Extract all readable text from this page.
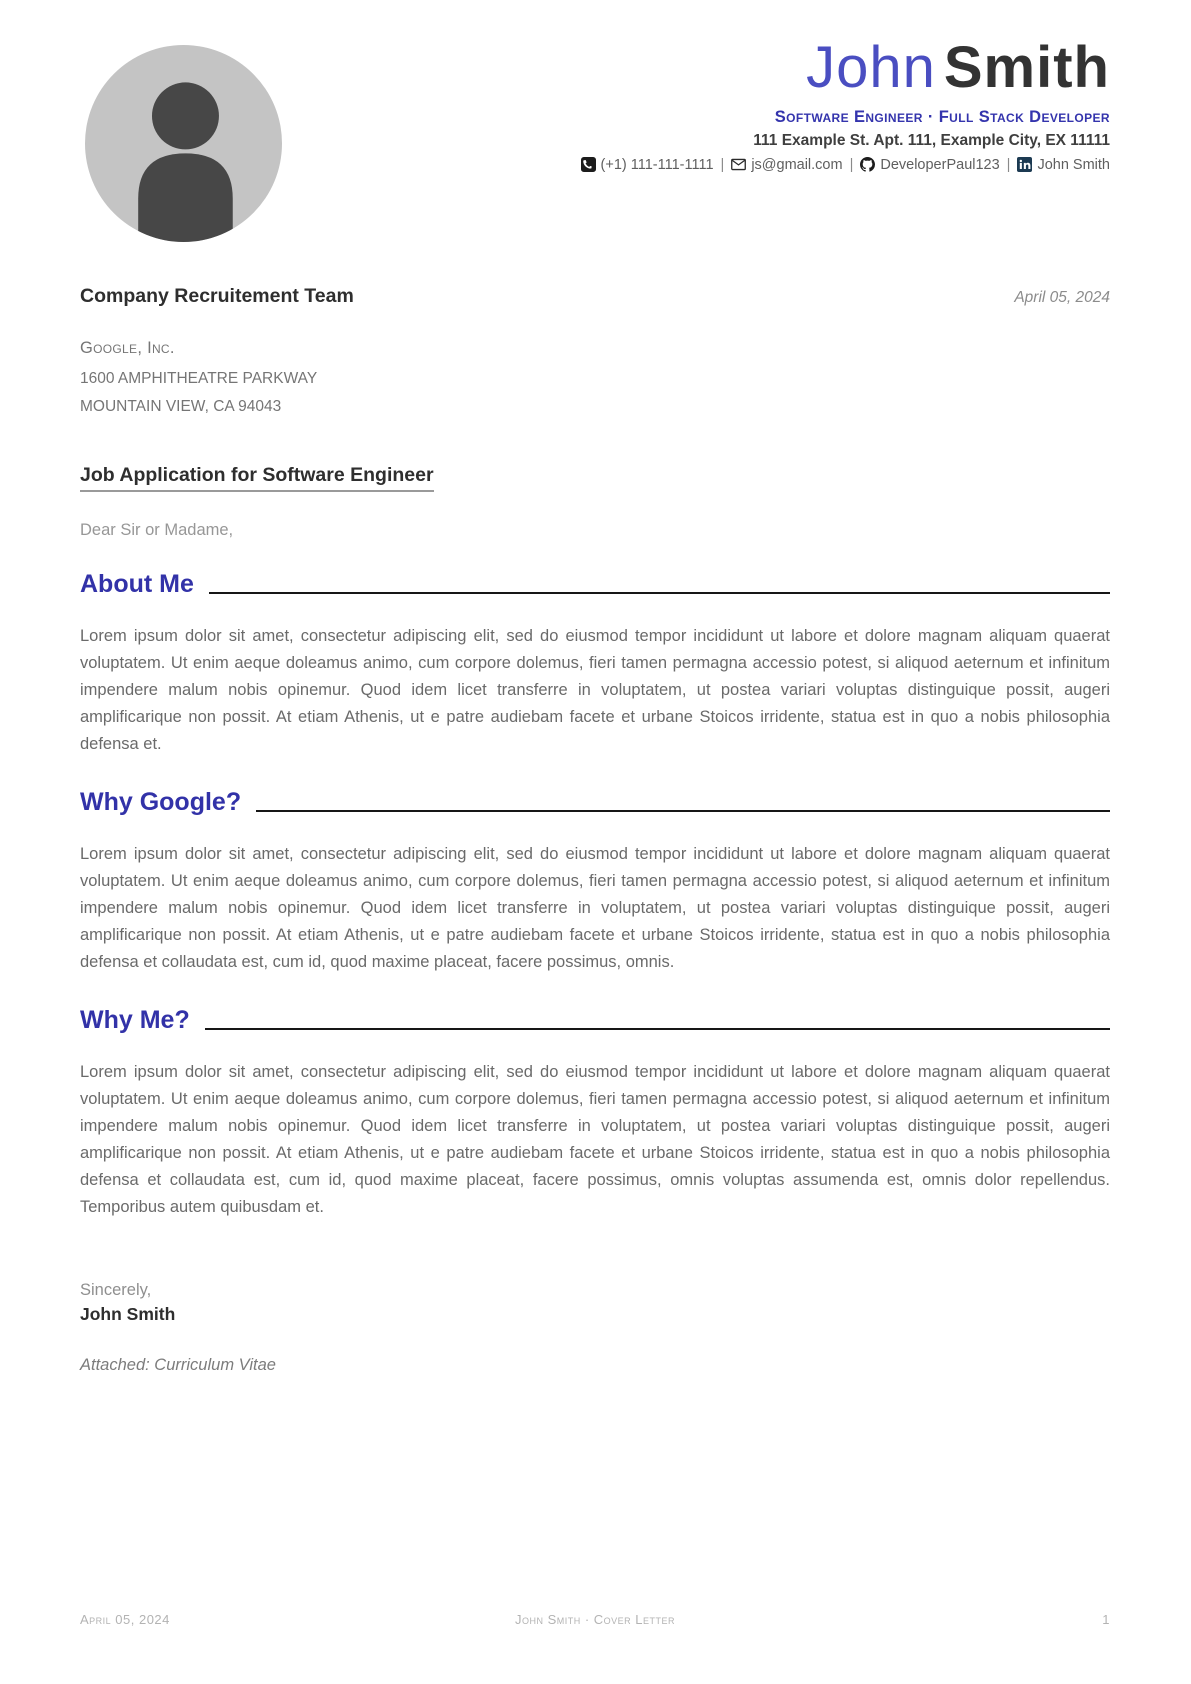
John Smith
Software Engineer · Full Stack Developer
111 Example St. Apt. 111, Example City, EX 11111
(+1) 111-111-1111 | js@gmail.com | DeveloperPaul123 | John Smith
Company Recruitement Team	April 05, 2024
Google, Inc.
1600 AMPHITHEATRE PARKWAY
MOUNTAIN VIEW, CA 94043
Job Application for Software Engineer
Dear Sir or Madame,
About Me
Lorem ipsum dolor sit amet, consectetur adipiscing elit, sed do eiusmod tempor incididunt ut labore et dolore magnam aliquam quaerat voluptatem. Ut enim aeque doleamus animo, cum corpore dolemus, fieri tamen permagna accessio potest, si aliquod aeternum et infinitum impendere malum nobis opinemur. Quod idem licet transferre in voluptatem, ut postea variari voluptas distinguique possit, augeri amplificarique non possit. At etiam Athenis, ut e patre audiebam facete et urbane Stoicos irridente, statua est in quo a nobis philosophia defensa et.
Why Google?
Lorem ipsum dolor sit amet, consectetur adipiscing elit, sed do eiusmod tempor incididunt ut labore et dolore magnam aliquam quaerat voluptatem. Ut enim aeque doleamus animo, cum corpore dolemus, fieri tamen permagna accessio potest, si aliquod aeternum et infinitum impendere malum nobis opinemur. Quod idem licet transferre in voluptatem, ut postea variari voluptas distinguique possit, augeri amplificarique non possit. At etiam Athenis, ut e patre audiebam facete et urbane Stoicos irridente, statua est in quo a nobis philosophia defensa et collaudata est, cum id, quod maxime placeat, facere possimus, omnis.
Why Me?
Lorem ipsum dolor sit amet, consectetur adipiscing elit, sed do eiusmod tempor incididunt ut labore et dolore magnam aliquam quaerat voluptatem. Ut enim aeque doleamus animo, cum corpore dolemus, fieri tamen permagna accessio potest, si aliquod aeternum et infinitum impendere malum nobis opinemur. Quod idem licet transferre in voluptatem, ut postea variari voluptas distinguique possit, augeri amplificarique non possit. At etiam Athenis, ut e patre audiebam facete et urbane Stoicos irridente, statua est in quo a nobis philosophia defensa et collaudata est, cum id, quod maxime placeat, facere possimus, omnis voluptas assumenda est, omnis dolor repellendus. Temporibus autem quibusdam et.
Sincerely,
John Smith
Attached: Curriculum Vitae
April 05, 2024	John Smith · Cover Letter	1
